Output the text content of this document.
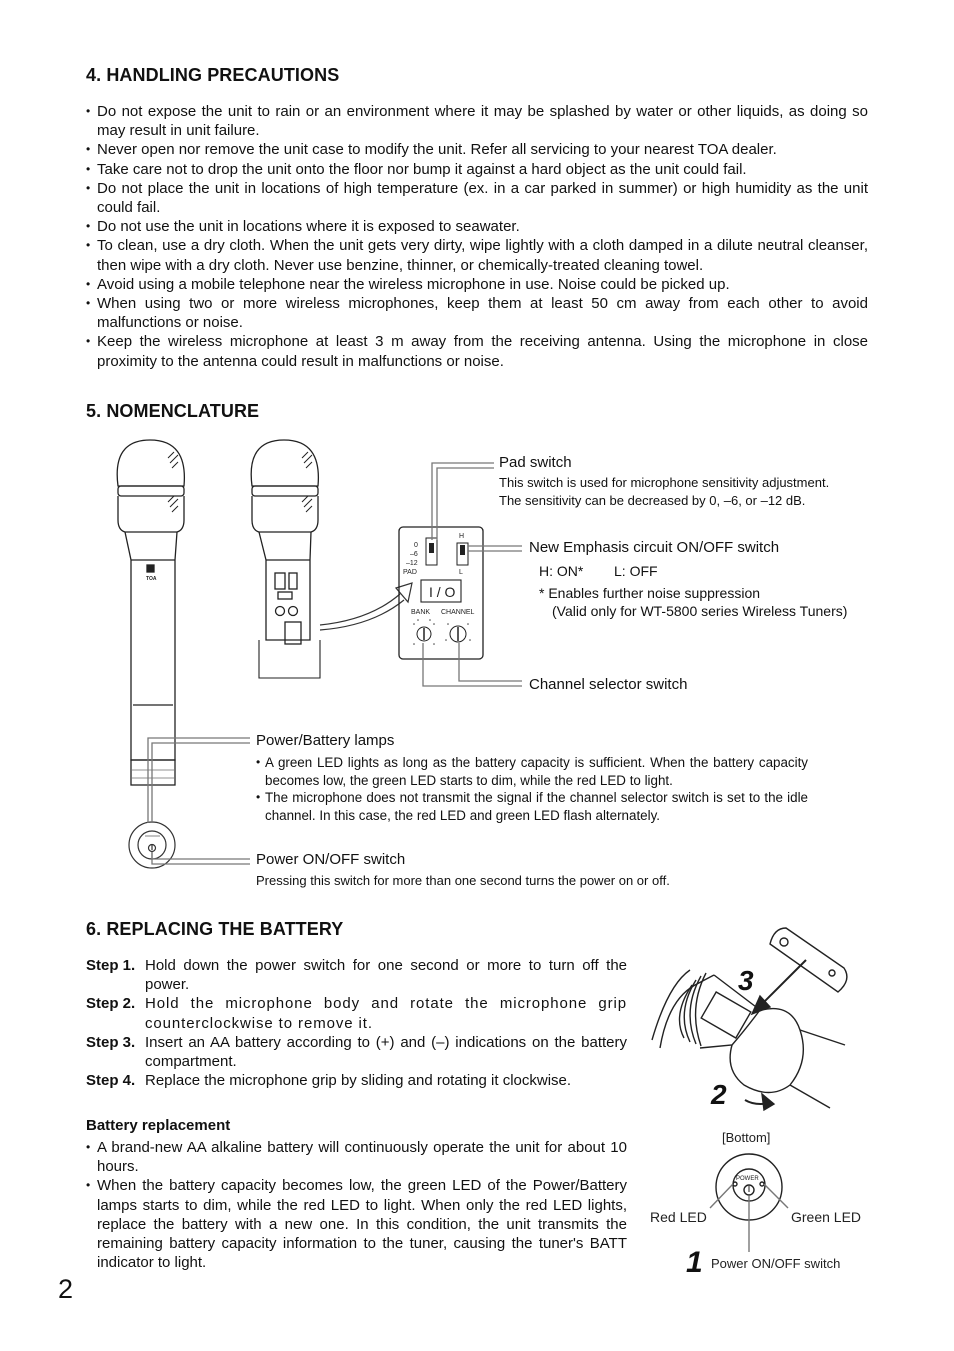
4. HANDLING PRECAUTIONS
• Do not expose the unit to rain or an environment where it may be splashed by water or other liquids, as doing so may result in unit failure.
• Never open nor remove the unit case to modify the unit. Refer all servicing to your nearest TOA dealer.
• Take care not to drop the unit onto the floor nor bump it against a hard object as the unit could fail.
• Do not place the unit in locations of high temperature (ex. in a car parked in summer) or high humidity as the unit could fail.
• Do not use the unit in locations where it is exposed to seawater.
• To clean, use a dry cloth. When the unit gets very dirty, wipe lightly with a cloth damped in a dilute neutral cleanser, then wipe with a dry cloth. Never use benzine, thinner, or chemically-treated cleaning towel.
• Avoid using a mobile telephone near the wireless microphone in use. Noise could be picked up.
• When using two or more wireless microphones, keep them at least 50 cm away from each other to avoid malfunctions or noise.
• Keep the wireless microphone at least 3 m away from the receiving antenna. Using the microphone in close proximity to the antenna could result in malfunctions or noise.
5. NOMENCLATURE
TOA
0
–6
–12
PAD
H
L
I / O
BANK CHANNEL
Pad switch
This switch is used for microphone sensitivity adjustment.
The sensitivity can be decreased by 0, –6, or –12 dB.
New Emphasis circuit ON/OFF switch
H: ON* L: OFF
* Enables further noise suppression
(Valid only for WT-5800 series Wireless Tuners)
Channel selector switch
Power/Battery lamps
• A green LED lights as long as the battery capacity is sufficient. When the battery capacity becomes low, the green LED starts to dim, while the red LED to light.
• The microphone does not transmit the signal if the channel selector switch is set to the idle channel. In this case, the red LED and green LED flash alternately.
Power ON/OFF switch
Pressing this switch for more than one second turns the power on or off.
6. REPLACING THE BATTERY
Step 1. Hold down the power switch for one second or more to turn off the power.
Step 2. Hold the microphone body and rotate the microphone grip counterclockwise to remove it.
Step 3. Insert an AA battery according to (+) and (–) indications on the battery compartment.
Step 4. Replace the microphone grip by sliding and rotating it clockwise.
Battery replacement
• A brand-new AA alkaline battery will continuously operate the unit for about 10 hours.
• When the battery capacity becomes low, the green LED of the Power/Battery lamps starts to dim, while the red LED to light. When only the red LED lights, replace the battery with a new one. In this condition, the unit transmits the remaining battery capacity information to the tuner, causing the tuner's BATT indicator to light.
3
2
1
[Bottom]
POWER
Red LED	Green LED
Power ON/OFF switch
2
